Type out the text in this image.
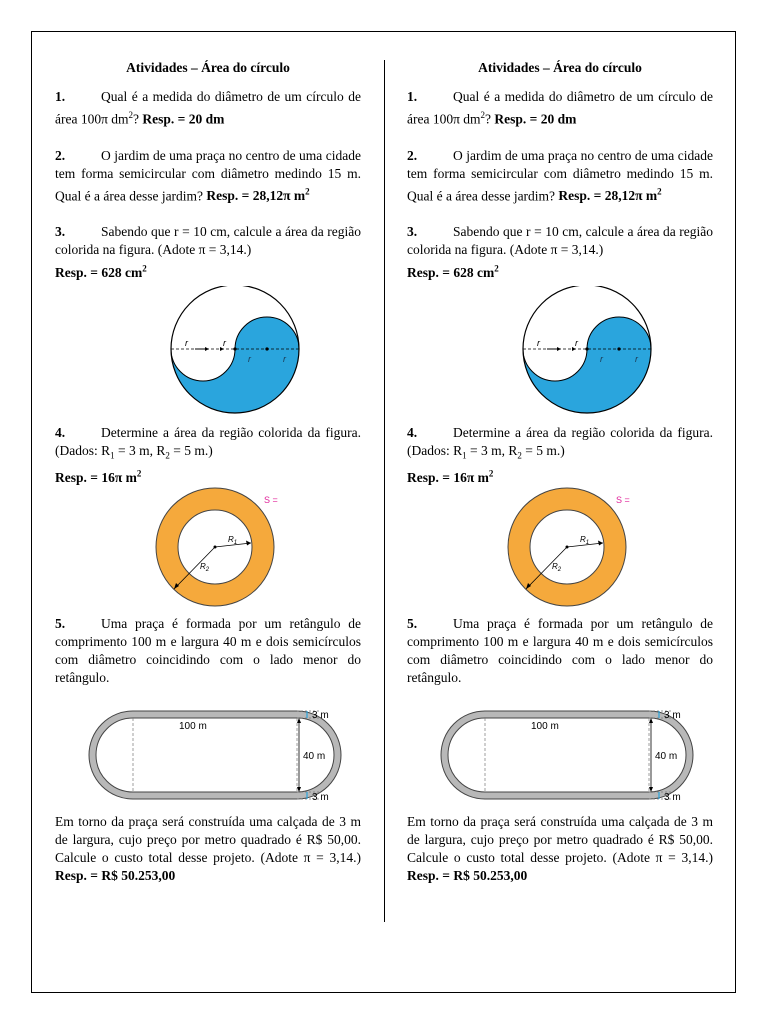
Atividades – Área do círculo

1.	Qual é a medida do diâmetro de um círculo de área 100π $dm^2$? Resp. = 20 dm

2.	O jardim de uma praça no centro de uma cidade tem forma semicircular com diâmetro medindo 15 m. Qual é a área desse jardim? Resp. = 28,12π $m^2$

3.	Sabendo que r = 10 cm, calcule a área da região colorida na figura. (Adote π = 3,14.)
Resp. = 628 $cm^2$

r	r
r	r

4.	Determine a área da região colorida da figura. (Dados: $R_1 = 3$ m, $R_2 = 5$ m.)
Resp. = 16π $m^2$

$R_1$
$R_2$
S =

5.	Uma praça é formada por um retângulo de comprimento 100 m e largura 40 m e dois semicírculos com diâmetro coincidindo com o lado menor do retângulo.

100 m
40 m
3 m
3 m

Em torno da praça será construída uma calçada de 3 m de largura, cujo preço por metro quadrado é R$ 50,00. Calcule o custo total desse projeto. (Adote π = 3,14.) Resp. = R$ 50.253,00

Atividades – Área do círculo

1.	Qual é a medida do diâmetro de um círculo de área 100π $dm^2$? Resp. = 20 dm

2.	O jardim de uma praça no centro de uma cidade tem forma semicircular com diâmetro medindo 15 m. Qual é a área desse jardim? Resp. = 28,12π $m^2$

3.	Sabendo que r = 10 cm, calcule a área da região colorida na figura. (Adote π = 3,14.)
Resp. = 628 $cm^2$

r	r
r	r

4.	Determine a área da região colorida da figura. (Dados: $R_1 = 3$ m, $R_2 = 5$ m.)
Resp. = 16π $m^2$

$R_1$
$R_2$
S =

5.	Uma praça é formada por um retângulo de comprimento 100 m e largura 40 m e dois semicírculos com diâmetro coincidindo com o lado menor do retângulo.

100 m
40 m
3 m
3 m

Em torno da praça será construída uma calçada de 3 m de largura, cujo preço por metro quadrado é R$ 50,00. Calcule o custo total desse projeto. (Adote π = 3,14.) Resp. = R$ 50.253,00
